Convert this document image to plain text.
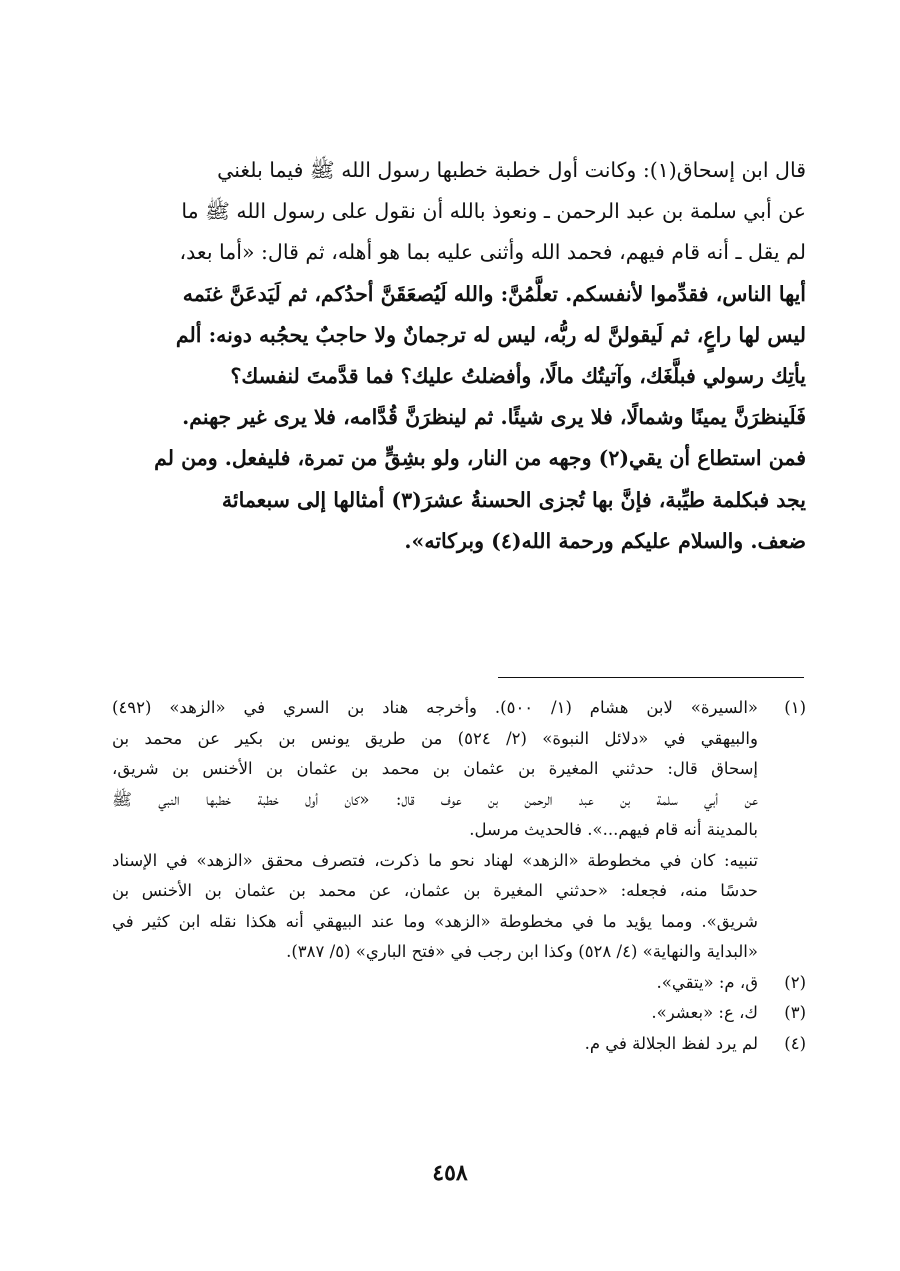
قال ابن إسحاق(١): وكانت أول خطبة خطبها رسول الله ﷺ فيما بلغني
عن أبي سلمة بن عبد الرحمن ـ ونعوذ بالله أن نقول على رسول الله ﷺ ما
لم يقل ـ أنه قام فيهم، فحمد الله وأثنى عليه بما هو أهله، ثم قال: «أما بعد،
أيها الناس، فقدِّموا لأنفسكم. تعلَّمُنَّ: والله لَيُصعَقَنَّ أحدُكم، ثم لَيَدعَنَّ غنَمه
ليس لها راعٍ، ثم لَيقولنَّ له ربُّه، ليس له ترجمانٌ ولا حاجبٌ يحجُبه دونه: ألم
يأتِك رسولي فبلَّغَك، وآتيتُك مالًا، وأفضلتُ عليك؟ فما قدَّمتَ لنفسك؟
فَلَينظرَنَّ يمينًا وشمالًا، فلا يرى شيئًا. ثم لينظرَنَّ قُدَّامه، فلا يرى غير جهنم.
فمن استطاع أن يقي(٢) وجهه من النار، ولو بشِقٍّ من تمرة، فليفعل. ومن لم
يجد فبكلمة طيِّبة، فإنَّ بها تُجزى الحسنةُ عشرَ(٣) أمثالها إلى سبعمائة
ضعف. والسلام عليكم ورحمة الله(٤) وبركاته».
(١)
«السيرة» لابن هشام (١/ ٥٠٠). وأخرجه هناد بن السري في «الزهد» (٤٩٢)
والبيهقي في «دلائل النبوة» (٢/ ٥٢٤) من طريق يونس بن بكير عن محمد بن
إسحاق قال: حدثني المغيرة بن عثمان بن محمد بن عثمان بن الأخنس بن شريق،
عن أبي سلمة بن عبد الرحمن بن عوف قال: «كان أول خطبة خطبها النبي ﷺ
بالمدينة أنه قام فيهم...». فالحديث مرسل.
تنبيه: كان في مخطوطة «الزهد» لهناد نحو ما ذكرت، فتصرف محقق «الزهد» في الإسناد
حدسًا منه، فجعله: «حدثني المغيرة بن عثمان، عن محمد بن عثمان بن الأخنس بن
شريق». ومما يؤيد ما في مخطوطة «الزهد» وما عند البيهقي أنه هكذا نقله ابن كثير في
«البداية والنهاية» (٤/ ٥٢٨) وكذا ابن رجب في «فتح الباري» (٥/ ٣٨٧).
(٢)
ق، م: «يتقي».
(٣)
ك، ع: «بعشر».
(٤)
لم يرد لفظ الجلالة في م.
٤٥٨
